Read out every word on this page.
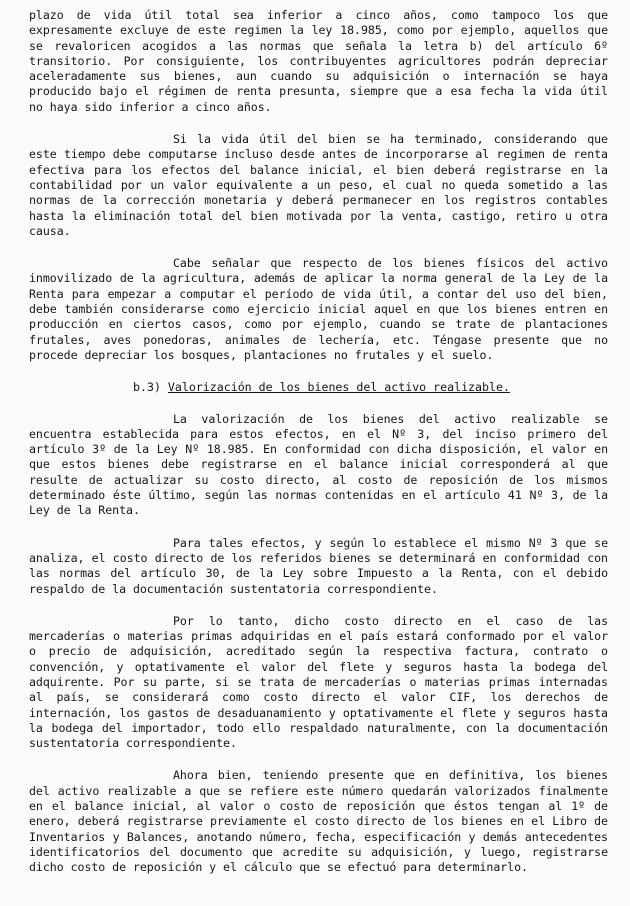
plazo de vida útil total sea inferior a cinco años, como tampoco los que expresamente excluye de este regimen la ley 18.985, como por ejemplo, aquellos que se revaloricen acogidos a las normas que señala la letra b) del artículo 6º transitorio. Por consiguiente, los contribuyentes agricultores podrán depreciar aceleradamente sus bienes, aun cuando su adquisición o internación se haya producido bajo el régimen de renta presunta, siempre que a esa fecha la vida útil no haya sido inferior a cinco años.

Si la vida útil del bien se ha terminado, considerando que este tiempo debe computarse incluso desde antes de incorporarse al regimen de renta efectiva para los efectos del balance inicial, el bien deberá registrarse en la contabilidad por un valor equivalente a un peso, el cual no queda sometido a las normas de la corrección monetaria y deberá permanecer en los registros contables hasta la eliminación total del bien motivada por la venta, castigo, retiro u otra causa.

Cabe señalar que respecto de los bienes físicos del activo inmovilizado de la agricultura, además de aplicar la norma general de la Ley de la Renta para empezar a computar el período de vida útil, a contar del uso del bien, debe también considerarse como ejercicio inicial aquel en que los bienes entren en producción en ciertos casos, como por ejemplo, cuando se trate de plantaciones frutales, aves ponedoras, animales de lechería, etc. Téngase presente que no procede depreciar los bosques, plantaciones no frutales y el suelo.

b.3) Valorización de los bienes del activo realizable.

La valorización de los bienes del activo realizable se encuentra establecida para estos efectos, en el Nº 3, del inciso primero del artículo 3º de la Ley Nº 18.985. En conformidad con dicha disposición, el valor en que estos bienes debe registrarse en el balance inicial corresponderá al que resulte de actualizar su costo directo, al costo de reposición de los mismos determinado éste último, según las normas contenidas en el artículo 41 Nº 3, de la Ley de la Renta.

Para tales efectos, y según lo establece el mismo Nº 3 que se analiza, el costo directo de los referidos bienes se determinará en conformidad con las normas del artículo 30, de la Ley sobre Impuesto a la Renta, con el debido respaldo de la documentación sustentatoria correspondiente.

Por lo tanto, dicho costo directo en el caso de las mercaderías o materias primas adquiridas en el país estará conformado por el valor o precio de adquisición, acreditado según la respectiva factura, contrato o convención, y optativamente el valor del flete y seguros hasta la bodega del adquirente. Por su parte, si se trata de mercaderías o materias primas internadas al país, se considerará como costo directo el valor CIF, los derechos de internación, los gastos de desaduanamiento y optativamente el flete y seguros hasta la bodega del importador, todo ello respaldado naturalmente, con la documentación sustentatoria correspondiente.

Ahora bien, teniendo presente que en definitiva, los bienes del activo realizable a que se refiere este número quedarán valorizados finalmente en el balance inicial, al valor o costo de reposición que éstos tengan al 1º de enero, deberá registrarse previamente el costo directo de los bienes en el Libro de Inventarios y Balances, anotando número, fecha, especificación y demás antecedentes identificatorios del documento que acredite su adquisición, y luego, registrarse dicho costo de reposición y el cálculo que se efectuó para determinarlo.
